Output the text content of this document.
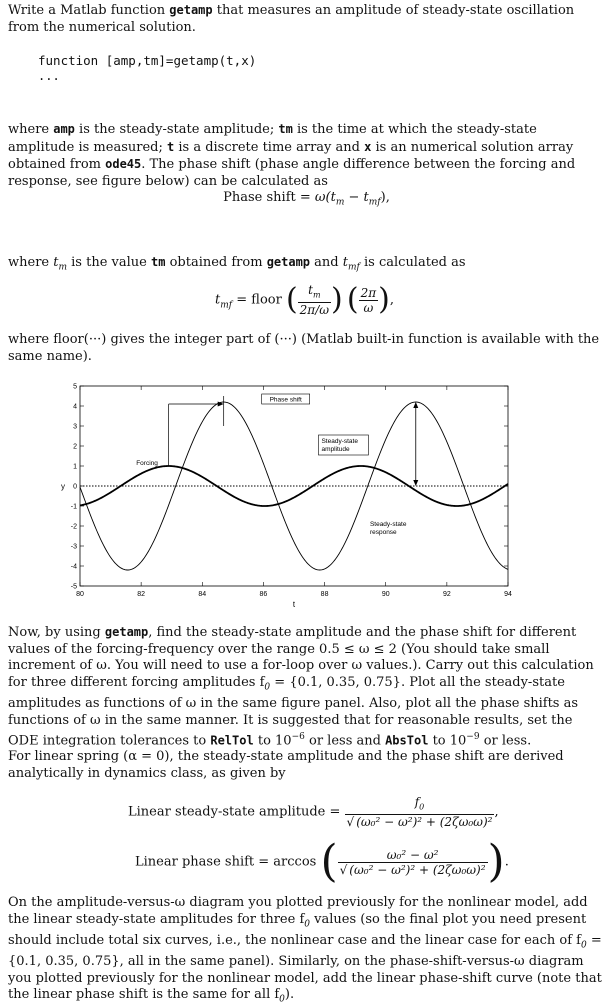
Write a Matlab function getamp that measures an amplitude of steady-state oscillation from the numerical solution.

function [amp,tm]=getamp(t,x)
...

where amp is the steady-state amplitude; tm is the time at which the steady-state amplitude is measured; t is a discrete time array and x is an numerical solution array obtained from ode45. The phase shift (phase angle difference between the forcing and response, see figure below) can be calculated as

Phase shift = $\omega(t_m - t_{mf})$,

where $t_m$ is the value tm obtained from getamp and $t_{mf}$ is calculated as

$t_{mf}$ = floor ( $\frac{t_m}{2\pi/\omega}$ ) ( $\frac{2\pi}{\omega}$ ),

where floor(···) gives the integer part of (···) (Matlab built-in function is available with the same name).

80	82	84	86	88	90	92	94
5
4
3
2
1
0
-1
-2
-3
-4
-5
t
y
Phase shift
Steady-state
amplitude
Forcing
Steady-state
response

Now, by using getamp, find the steady-state amplitude and the phase shift for different values of the forcing-frequency over the range 0.5 ≤ ω ≤ 2 (You should take small increment of ω. You will need to use a for-loop over ω values.). Carry out this calculation for three different forcing amplitudes $f_0 = \{0.1$, 0.35, 0.75}. Plot all the steady-state amplitudes as functions of ω in the same figure panel. Also, plot all the phase shifts as functions of ω in the same manner. It is suggested that for reasonable results, set the ODE integration tolerances to RelTol to $10^{-6}$ or less and AbsTol to $10^{-9}$ or less.

For linear spring (α = 0), the steady-state amplitude and the phase shift are derived analytically in dynamics class, as given by

Linear steady-state amplitude = $\frac{f_0}{\text{√ (ω₀² − ω²)² + (2ζω₀ω)²}}$ ,
Linear phase shift = arccos ( $\frac{\text{ω₀² − ω²}}{\text{√ (ω₀² − ω²)² + (2ζω₀ω)²}}$ ).

On the amplitude-versus-ω diagram you plotted previously for the nonlinear model, add the linear steady-state amplitudes for three $f_0$ values (so the final plot you need present should include total six curves, i.e., the nonlinear case and the linear case for each of $f_0 = \{0.1$, 0.35, 0.75}, all in the same panel). Similarly, on the phase-shift-versus-ω diagram you plotted previously for the nonlinear model, add the linear phase-shift curve (note that the linear phase shift is the same for all $f_0$).
